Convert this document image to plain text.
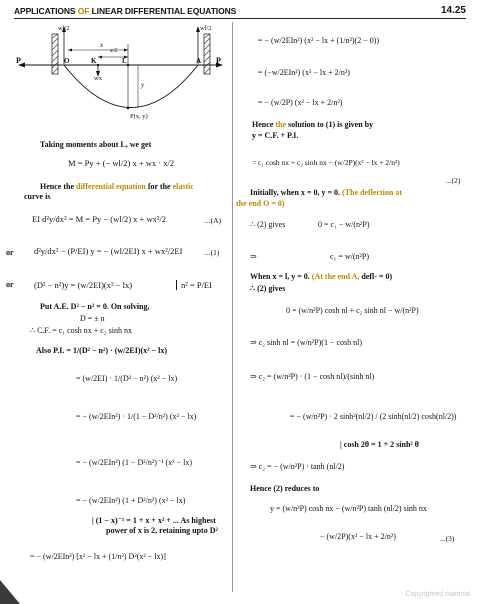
APPLICATIONS OF LINEAR DIFFERENTIAL EQUATIONS	14.25
wl/2	wl/2
P	P
O	K	L	A
x
x/2
y
wx
P(x, y)
Taking moments about L, we get
M = Py + (− wl/2) x + wx · x/2
Hence the differential equation for the elastic
curve is
EI d²y/dx² = M = Py − (wl/2) x + wx²/2	...(A)
or d²y/dx² − (P/EI) y = − (wl/2EI) x + wx²/2EI	...(1)
or (D² − n²)y = (w/2EI)(x² − lx)	n² = P/EI
Put A.E. D² − n² = 0. On solving,
D = ± n
∴ C.F. = c₁ cosh nx + c₂ sinh nx
Also P.I. = 1/(D² − n²) · (w/2EI)(x² − lx)
= (w/2EI) · 1/(D² − n²) (x² − lx)
= − (w/2EIn²) · 1/(1 − D²/n²) (x² − lx)
= − (w/2EIn²) (1 − D²/n²)⁻¹ (x² − lx)
= − (w/2EIn²) (1 + D²/n²) (x² − lx)
| (1 − x)⁻¹ = 1 + x + x² + ... As highest
power of x is 2, retaining upto D²
= − (w/2EIn²) [x² − lx + (1/n²) D²(x² − lx)]
= − (w/2EIn²) (x² − lx + (1/n²)(2 − 0))
= (−w/2EIn²) (x² − lx + 2/n²)
= − (w/2P) (x² − lx + 2/n²)
Hence the solution to (1) is given by
y = C.F. + P.I.
= c₁ cosh nx + c₂ sinh nx − (w/2P)(x² − lx + 2/n²)
...(2)
Initially, when x = 0, y = 0. (The deflection at
the end O = 0)
∴ (2) gives	0 = c₁ − w/(n²P)
⇒	c₁ = w/(n²P)
When x = l, y = 0. (At the end A, defl- = 0)
∴ (2) gives
0 = (w/n²P) cosh nl + c₂ sinh nl − w/(n²P)
⇒ c₂ sinh nl = (w/n²P)(1 − cosh nl)
⇒ c₂ = (w/n²P) · (1 − cosh nl)/(sinh nl)
= − (w/n²P) · 2 sinh²(nl/2) / (2 sinh(nl/2) cosh(nl/2))
| cosh 2θ = 1 + 2 sinh² θ
⇒ c₂ = − (w/n²P) · tanh (nl/2)
Hence (2) reduces to
y = (w/n²P) cosh nx − (w/n²P) tanh (nl/2) sinh nx
− (w/2P)(x² − lx + 2/n²)	...(3)
Copyrighted material
